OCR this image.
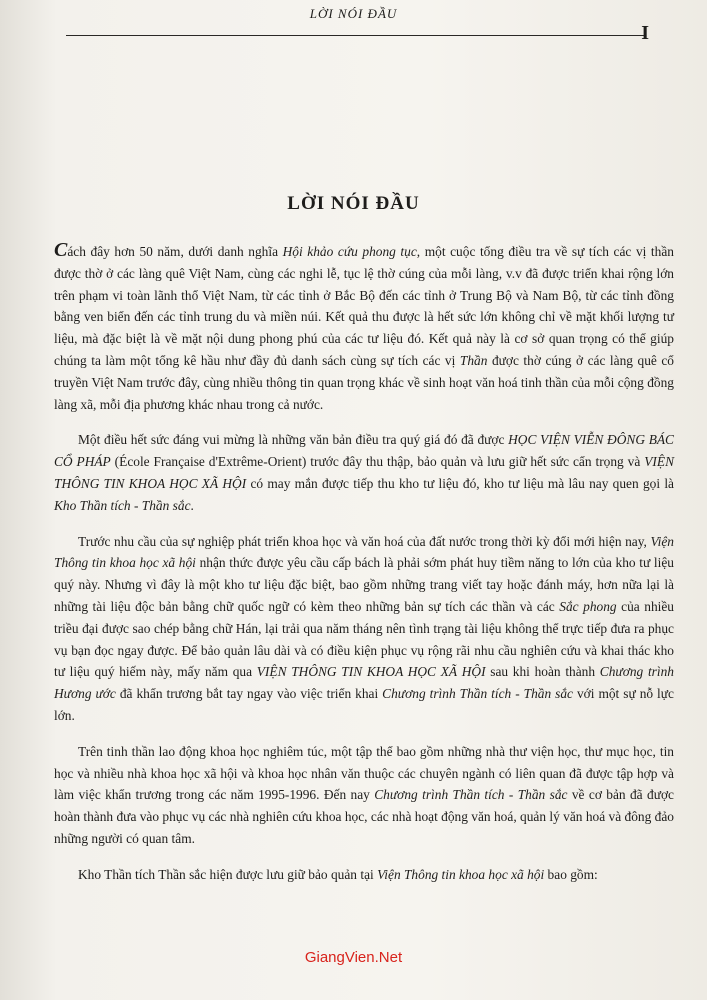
LỜI NÓI ĐẦU
I
LỜI NÓI ĐẦU

Cách đây hơn 50 năm, dưới danh nghĩa Hội khảo cứu phong tục, một cuộc tổng điều tra về sự tích các vị thần được thờ ở các làng quê Việt Nam, cùng các nghi lễ, tục lệ thờ cúng của mỗi làng, v.v đã được triển khai rộng lớn trên phạm vi toàn lãnh thổ Việt Nam, từ các tỉnh ở Bắc Bộ đến các tỉnh ở Trung Bộ và Nam Bộ, từ các tỉnh đồng bằng ven biển đến các tỉnh trung du và miền núi. Kết quả thu được là hết sức lớn không chỉ về mặt khối lượng tư liệu, mà đặc biệt là về mặt nội dung phong phú của các tư liệu đó. Kết quả này là cơ sở quan trọng có thể giúp chúng ta làm một tổng kê hầu như đầy đủ danh sách cùng sự tích các vị Thần được thờ cúng ở các làng quê cổ truyền Việt Nam trước đây, cùng nhiều thông tin quan trọng khác về sinh hoạt văn hoá tinh thần của mỗi cộng đồng làng xã, mỗi địa phương khác nhau trong cả nước.

Một điều hết sức đáng vui mừng là những văn bản điều tra quý giá đó đã được HỌC VIỆN VIỄN ĐÔNG BÁC CỔ PHÁP (École Française d'Extrême-Orient) trước đây thu thập, bảo quản và lưu giữ hết sức cẩn trọng và VIỆN THÔNG TIN KHOA HỌC XÃ HỘI có may mắn được tiếp thu kho tư liệu đó, kho tư liệu mà lâu nay quen gọi là Kho Thần tích - Thần sắc.

Trước nhu cầu của sự nghiệp phát triển khoa học và văn hoá của đất nước trong thời kỳ đổi mới hiện nay, Viện Thông tin khoa học xã hội nhận thức được yêu cầu cấp bách là phải sớm phát huy tiềm năng to lớn của kho tư liệu quý này. Nhưng vì đây là một kho tư liệu đặc biệt, bao gồm những trang viết tay hoặc đánh máy, hơn nữa lại là những tài liệu độc bản bằng chữ quốc ngữ có kèm theo những bản sự tích các thần và các Sắc phong của nhiều triều đại được sao chép bằng chữ Hán, lại trải qua năm tháng nên tình trạng tài liệu không thể trực tiếp đưa ra phục vụ bạn đọc ngay được. Để bảo quản lâu dài và có điều kiện phục vụ rộng rãi nhu cầu nghiên cứu và khai thác kho tư liệu quý hiếm này, mấy năm qua VIỆN THÔNG TIN KHOA HỌC XÃ HỘI sau khi hoàn thành Chương trình Hương ước đã khẩn trương bắt tay ngay vào việc triển khai Chương trình Thần tích - Thần sắc với một sự nỗ lực lớn.

Trên tinh thần lao động khoa học nghiêm túc, một tập thể bao gồm những nhà thư viện học, thư mục học, tin học và nhiều nhà khoa học xã hội và khoa học nhân văn thuộc các chuyên ngành có liên quan đã được tập hợp và làm việc khẩn trương trong các năm 1995-1996. Đến nay Chương trình Thần tích - Thần sắc về cơ bản đã được hoàn thành đưa vào phục vụ các nhà nghiên cứu khoa học, các nhà hoạt động văn hoá, quản lý văn hoá và đông đảo những người có quan tâm.

Kho Thần tích Thần sắc hiện được lưu giữ bảo quản tại Viện Thông tin khoa học xã hội bao gồm:

GiangVien.Net
